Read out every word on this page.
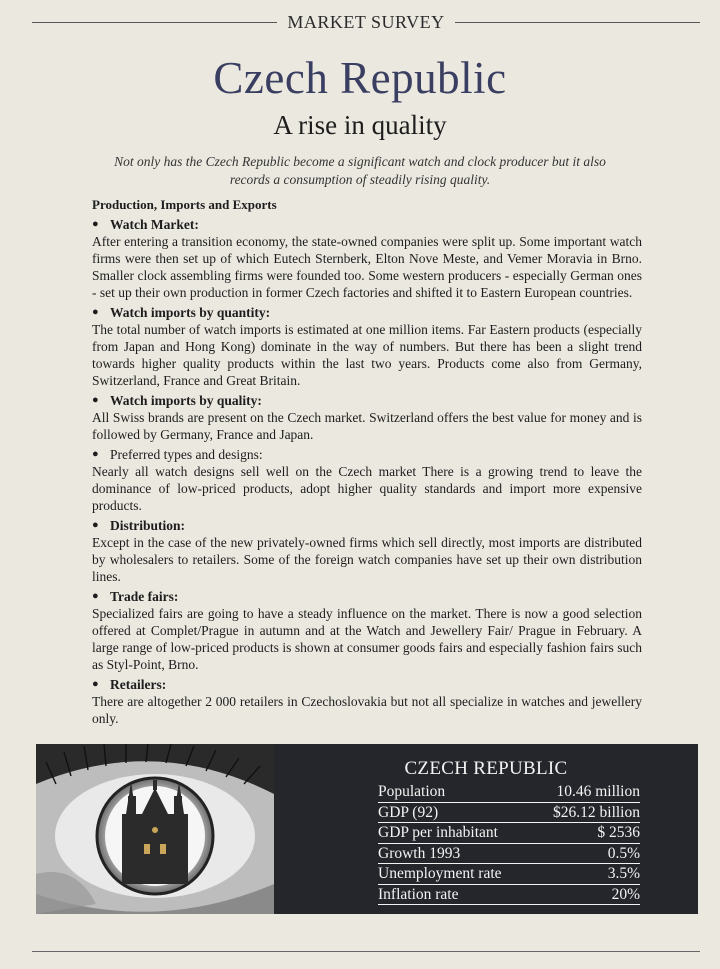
MARKET SURVEY
Czech Republic
A rise in quality
Not only has the Czech Republic become a significant watch and clock producer but it also records a consumption of steadily rising quality.
Production, Imports and Exports
● Watch Market:

After entering a transition economy, the state-owned companies were split up. Some important watch firms were then set up of which Eutech Sternberk, Elton Nove Meste, and Vemer Moravia in Brno. Smaller clock assembling firms were founded too. Some western producers - especially German ones - set up their own production in former Czech factories and shifted it to Eastern European countries.

● Watch imports by quantity:

The total number of watch imports is estimated at one million items. Far Eastern products (especially from Japan and Hong Kong) dominate in the way of numbers. But there has been a slight trend towards higher quality products within the last two years. Products come also from Germany, Switzerland, France and Great Britain.

● Watch imports by quality:

All Swiss brands are present on the Czech market. Switzerland offers the best value for money and is followed by Germany, France and Japan.

● Preferred types and designs:

Nearly all watch designs sell well on the Czech market There is a growing trend to leave the dominance of low-priced products, adopt higher quality standards and import more expensive products.

● Distribution:

Except in the case of the new privately-owned firms which sell directly, most imports are distributed by wholesalers to retailers. Some of the foreign watch companies have set up their own distribution lines.

● Trade fairs:

Specialized fairs are going to have a steady influence on the market. There is now a good selection offered at Complet/Prague in autumn and at the Watch and Jewellery Fair/ Prague in February. A large range of low-priced products is shown at consumer goods fairs and especially fashion fairs such as Styl-Point, Brno.

● Retailers:

There are altogether 2 000 retailers in Czechoslovakia but not all specialize in watches and jewellery only.

CZECH REPUBLIC
Population	10.46 million
GDP (92)	$26.12 billion
GDP per inhabitant	$ 2536
Growth 1993	0.5%
Unemployment rate	3.5%
Inflation rate	20%
